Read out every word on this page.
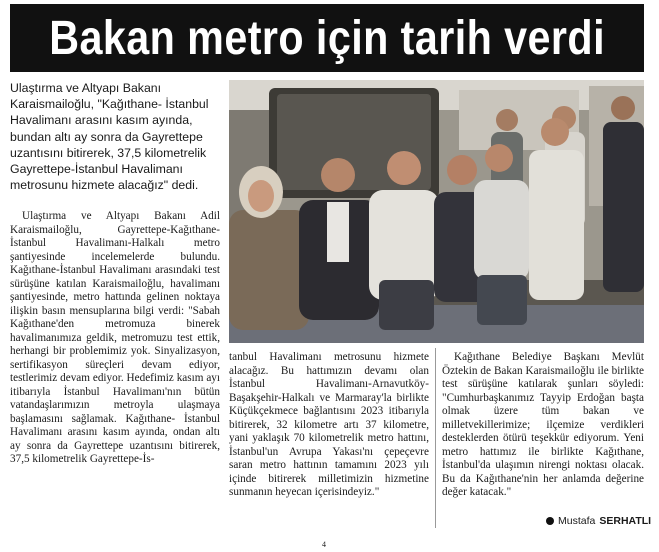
Bakan metro için tarih verdi
Ulaştırma ve Altyapı Bakanı Karaismailoğlu, "Kağıthane- İstanbul Havalimanı arasını kasım ayında, bundan altı ay sonra da Gayrettepe uzantısını bitirerek, 37,5 kilometrelik Gayrettepe-İstanbul Havalimanı metrosunu hizmete alacağız" dedi.

Ulaştırma ve Altyapı Bakanı Adil Karaismailoğlu, Gayrettepe-Kağıthane-İstanbul Havalimanı-Halkalı metro şantiyesinde incelemelerde bulundu. Kağıthane-İstanbul Havalimanı arasındaki test sürüşüne katılan Karaismailoğlu, havalimanı şantiyesinde, metro hattında gelinen noktaya ilişkin basın mensuplarına bilgi verdi: "Sabah Kağıthane'den metromuza binerek havalimanımıza geldik, metromuzu test ettik, herhangi bir problemimiz yok. Sinyalizasyon, sertifikasyon süreçleri devam ediyor, testlerimiz devam ediyor. Hedefimiz kasım ayı itibarıyla İstanbul Havalimanı'nın bütün vatandaşlarımızın metroyla ulaşmaya başlamasını sağlamak. Kağıthane- İstanbul Havalimanı arasını kasım ayında, ondan altı ay sonra da Gayrettepe uzantısını bitirerek, 37,5 kilometrelik Gayrettepe-İs-

tanbul Havalimanı metrosunu hizmete alacağız. Bu hattımızın devamı olan İstanbul Havalimanı-Arnavutköy-Başakşehir-Halkalı ve Marmaray'la birlikte Küçükçekmece bağlantısını 2023 itibarıyla bitirerek, 32 kilometre artı 37 kilometre, yani yaklaşık 70 kilometrelik metro hattını, İstanbul'un Avrupa Yakası'nı çepeçevre saran metro hattının tamamını 2023 yılı içinde bitirerek milletimizin hizmetine sunmanın heyecan içerisindeyiz."
Kağıthane Belediye Başkanı Mevlüt Öztekin de Bakan Karaismailoğlu ile birlikte test sürüşüne katılarak şunları söyledi: "Cumhurbaşkanımız Tayyip Erdoğan başta olmak üzere tüm bakan ve milletvekillerimize; ilçemize verdikleri desteklerden ötürü teşekkür ediyorum. Yeni metro hattımız ile birlikte Kağıthane, İstanbul'da ulaşımın nirengi noktası olacak. Bu da Kağıthane'nin her anlamda değerine değer katacak."
Mustafa SERHATLI
4
